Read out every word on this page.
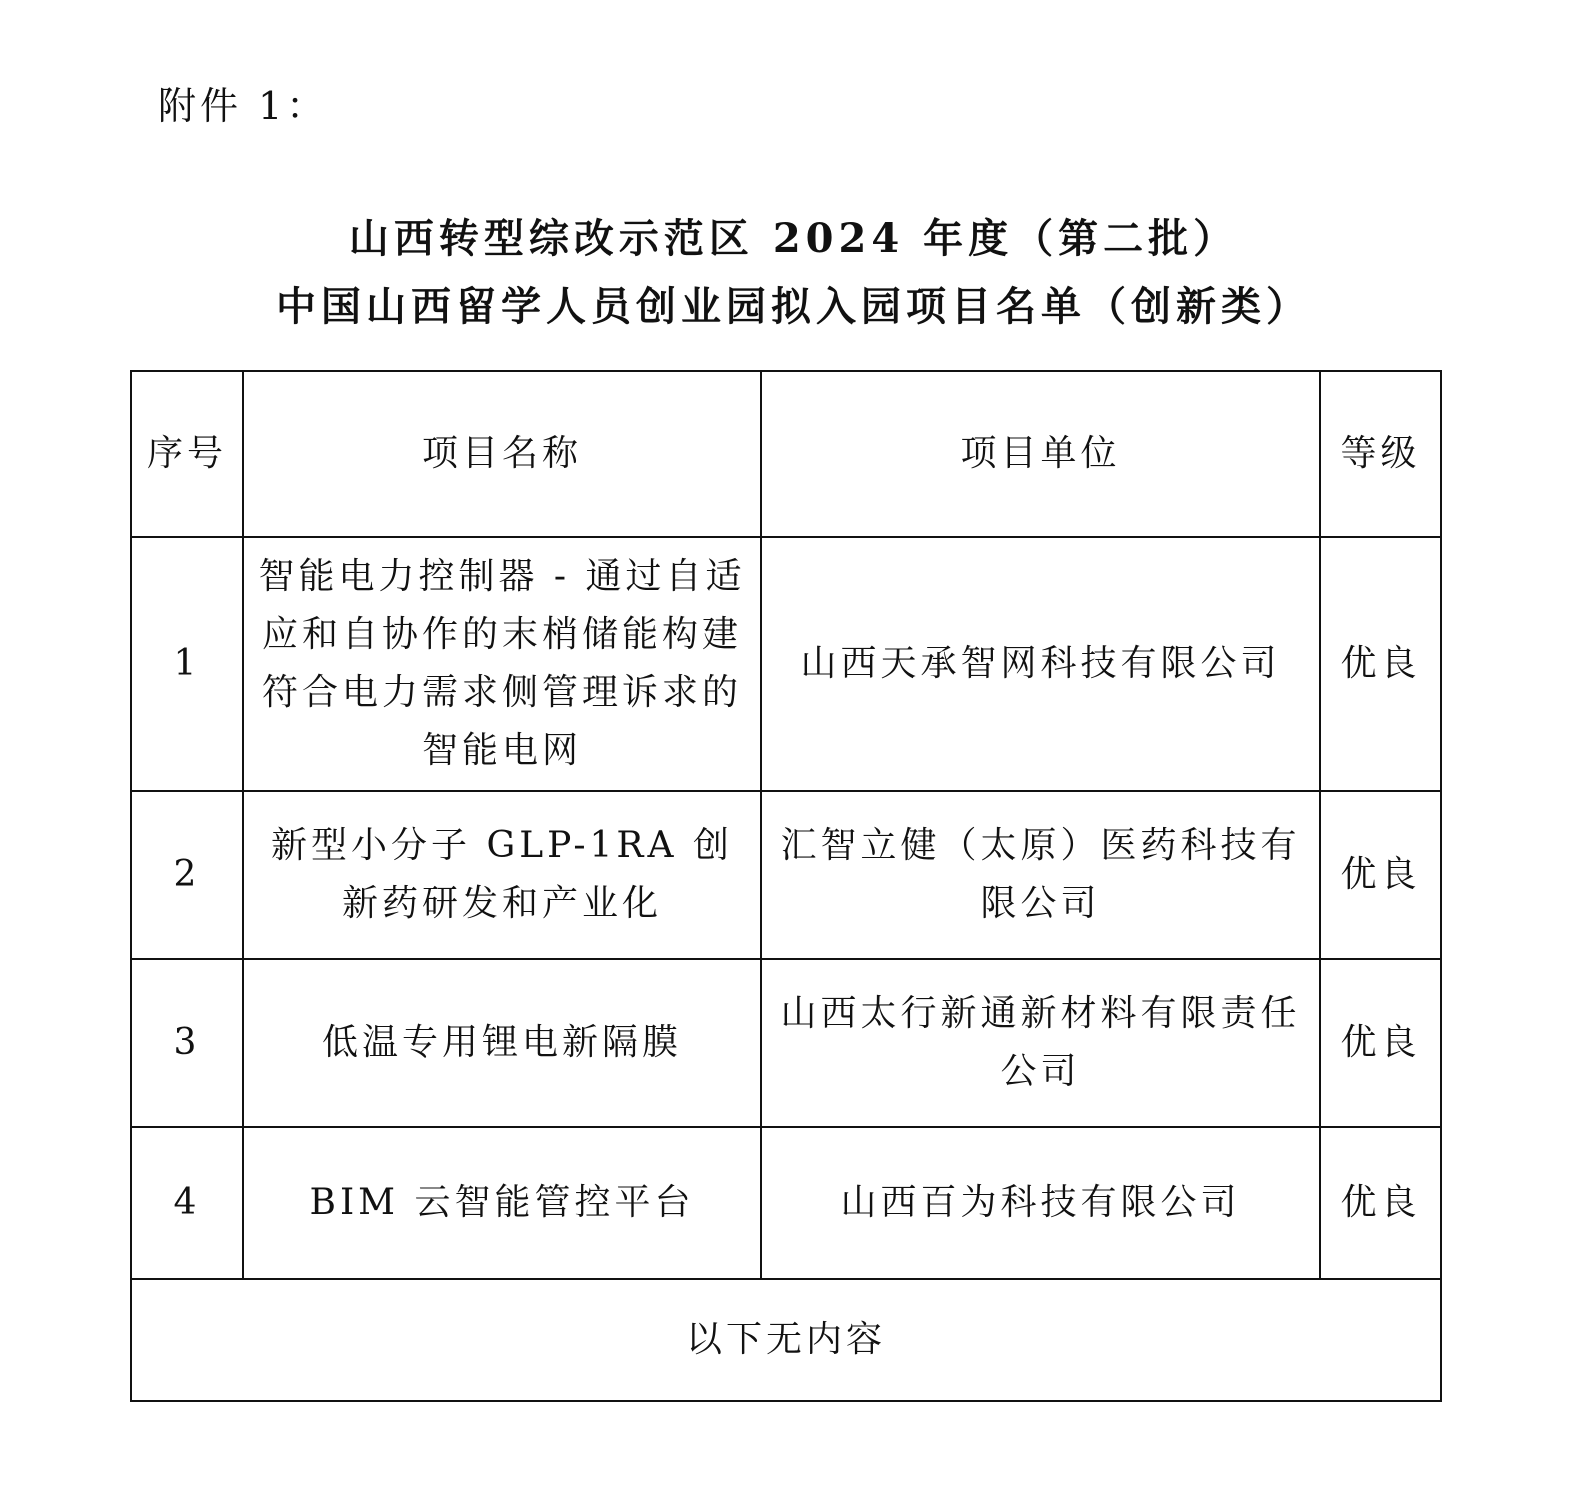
附件 1：
山西转型综改示范区 2024 年度（第二批）
中国山西留学人员创业园拟入园项目名单（创新类）
序号	项目名称	项目单位	等级
1	智能电力控制器 - 通过自适应和自协作的末梢储能构建符合电力需求侧管理诉求的智能电网	山西天承智网科技有限公司	优良
2	新型小分子 GLP-1RA 创新药研发和产业化	汇智立健（太原）医药科技有限公司	优良
3	低温专用锂电新隔膜	山西太行新通新材料有限责任公司	优良
4	BIM 云智能管控平台	山西百为科技有限公司	优良
以下无内容			
